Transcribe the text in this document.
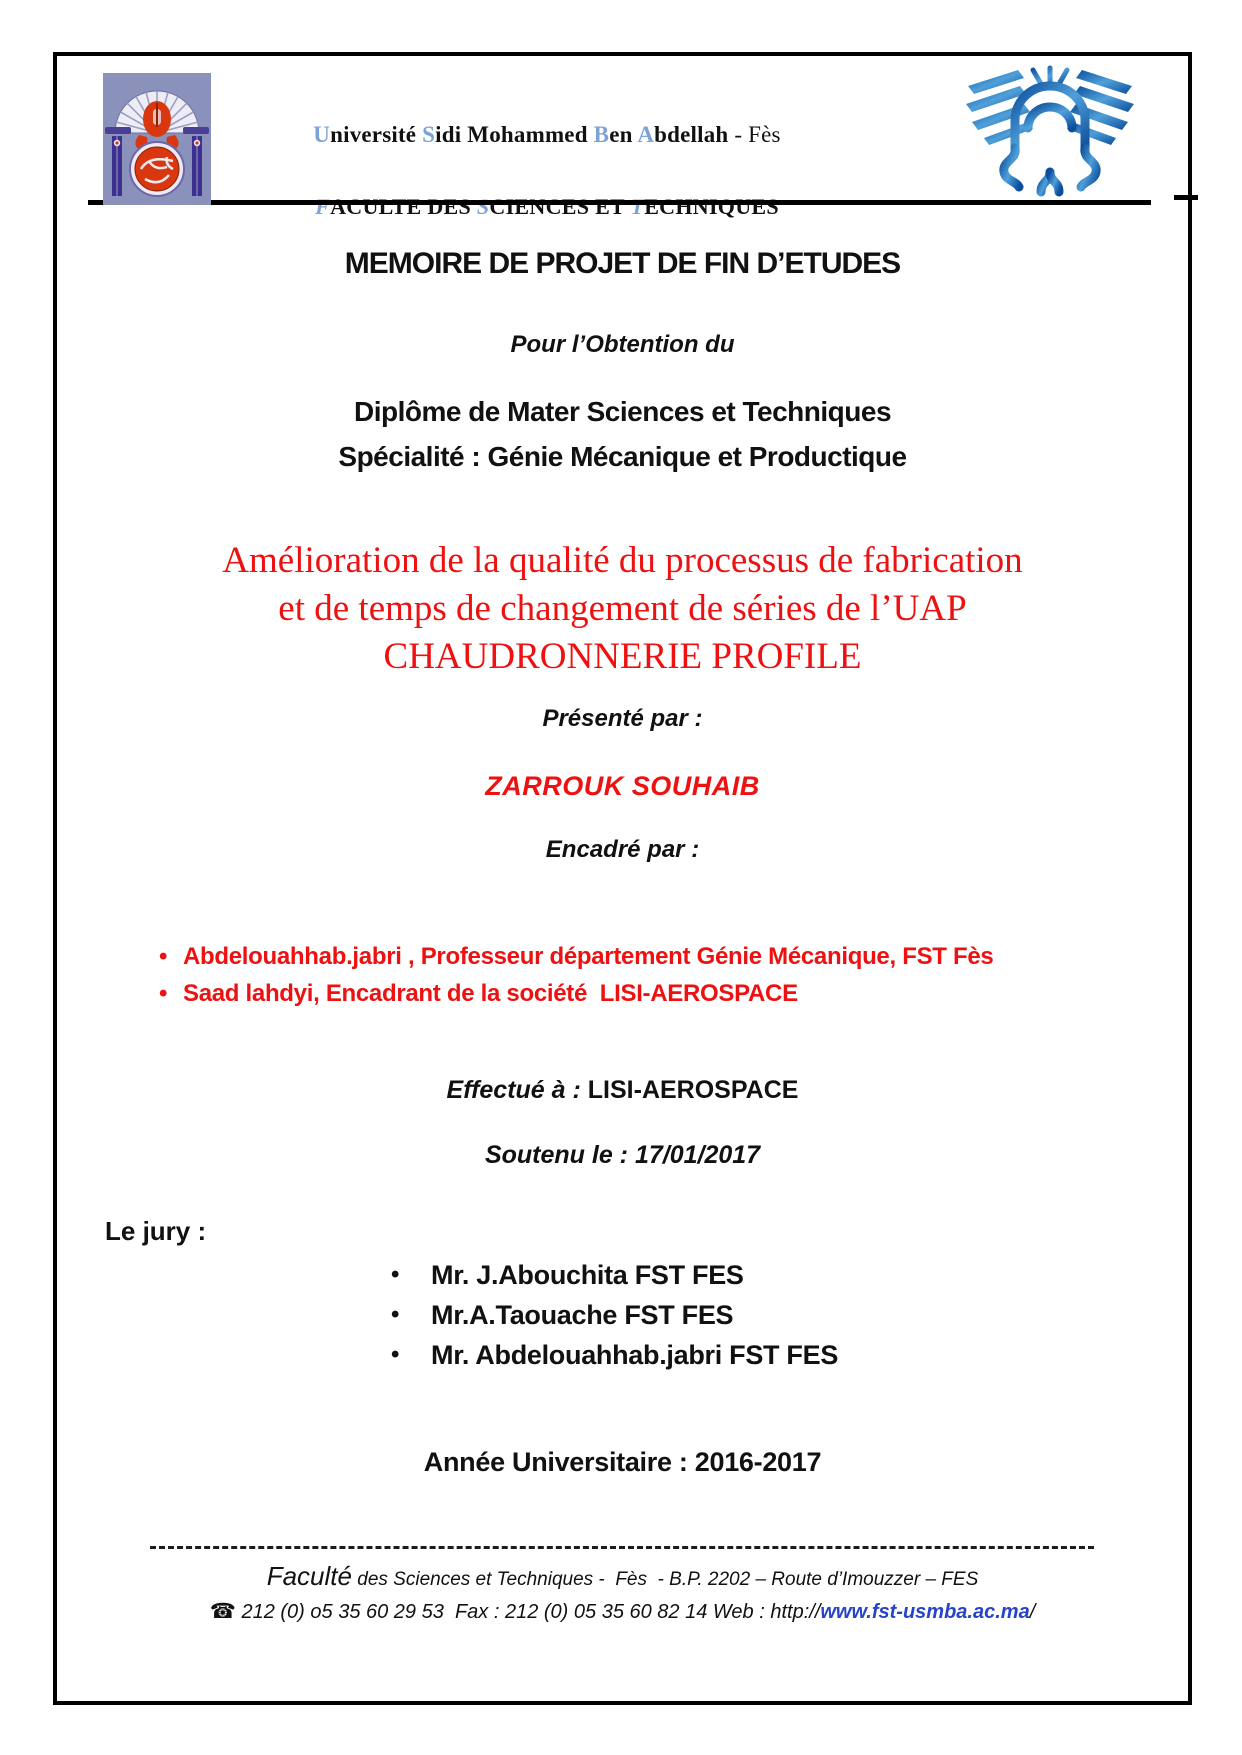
Université Sidi Mohammed Ben Abdellah - Fès

FACULTE DES SCIENCES ET TECHNIQUES

MEMOIRE DE PROJET DE FIN D’ETUDES
Pour l’Obtention du
Diplôme de Mater Sciences et Techniques
Spécialité : Génie Mécanique et Productique
Amélioration de la qualité du processus de fabrication
et de temps de changement de séries de l’UAP
CHAUDRONNERIE PROFILE
Présenté par :
ZARROUK SOUHAIB
Encadré par :
• Abdelouahhab.jabri , Professeur département Génie Mécanique, FST Fès
• Saad lahdyi, Encadrant de la société  LISI-AEROSPACE
Effectué à : LISI-AEROSPACE
Soutenu le : 17/01/2017
Le jury :
•	Mr. J.Abouchita FST FES
•	Mr.A.Taouache FST FES
•	Mr. Abdelouahhab.jabri FST FES
Année Universitaire : 2016-2017
Faculté des Sciences et Techniques -  Fès  - B.P. 2202 – Route d’Imouzzer – FES
☎ 212 (0) o5 35 60 29 53  Fax : 212 (0) 05 35 60 82 14 Web : http://www.fst-usmba.ac.ma/
